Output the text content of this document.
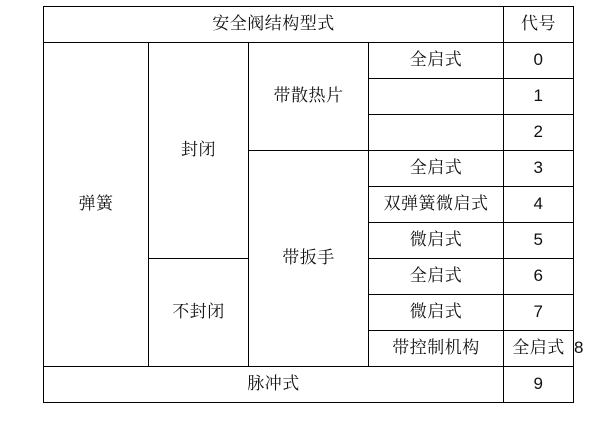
安全阀结构型式				代号	
弹簧	封闭	带散热片	全启式	0	
				1	
				2	
		带扳手	全启式	3	
			双弹簧微启式	4	
			微启式	5	
	不封闭		全启式	6	
			微启式	7	
			带控制机构	全启式	8
脉冲式				9	
